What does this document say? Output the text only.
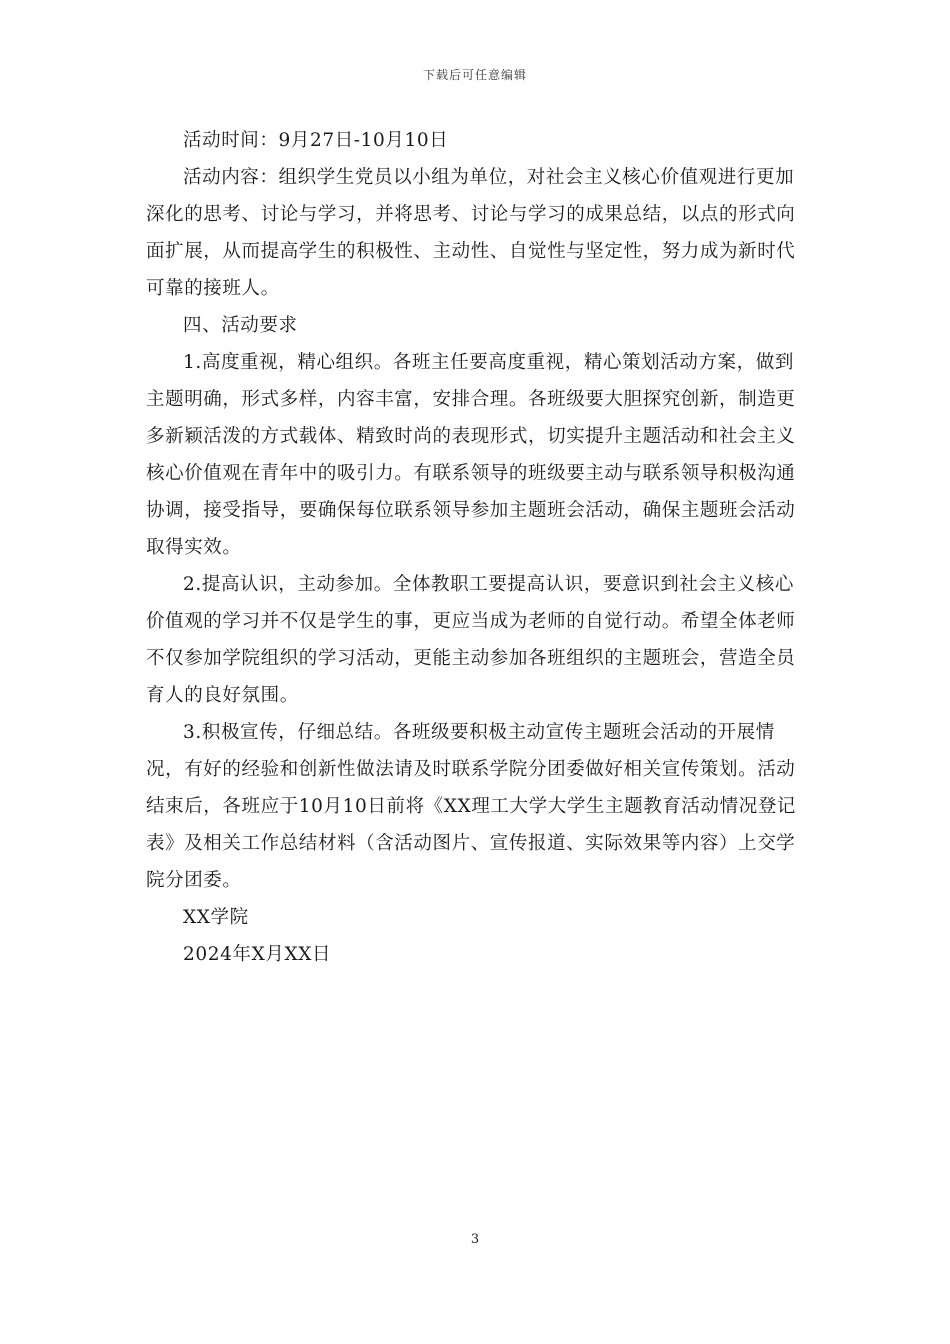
下载后可任意编辑

活动时间：9月27日-10月10日

活动内容：组织学生党员以小组为单位，对社会主义核心价值观进行更加深化的思考、讨论与学习，并将思考、讨论与学习的成果总结，以点的形式向面扩展，从而提高学生的积极性、主动性、自觉性与坚定性，努力成为新时代可靠的接班人。

四、活动要求

1.高度重视，精心组织。各班主任要高度重视，精心策划活动方案，做到主题明确，形式多样，内容丰富，安排合理。各班级要大胆探究创新，制造更多新颖活泼的方式载体、精致时尚的表现形式，切实提升主题活动和社会主义核心价值观在青年中的吸引力。有联系领导的班级要主动与联系领导积极沟通协调，接受指导，要确保每位联系领导参加主题班会活动，确保主题班会活动取得实效。

2.提高认识，主动参加。全体教职工要提高认识，要意识到社会主义核心价值观的学习并不仅是学生的事，更应当成为老师的自觉行动。希望全体老师不仅参加学院组织的学习活动，更能主动参加各班组织的主题班会，营造全员育人的良好氛围。

3.积极宣传，仔细总结。各班级要积极主动宣传主题班会活动的开展情况，有好的经验和创新性做法请及时联系学院分团委做好相关宣传策划。活动结束后，各班应于10月10日前将《XX理工大学大学生主题教育活动情况登记表》及相关工作总结材料（含活动图片、宣传报道、实际效果等内容）上交学院分团委。

XX学院

2024年X月XX日

3
